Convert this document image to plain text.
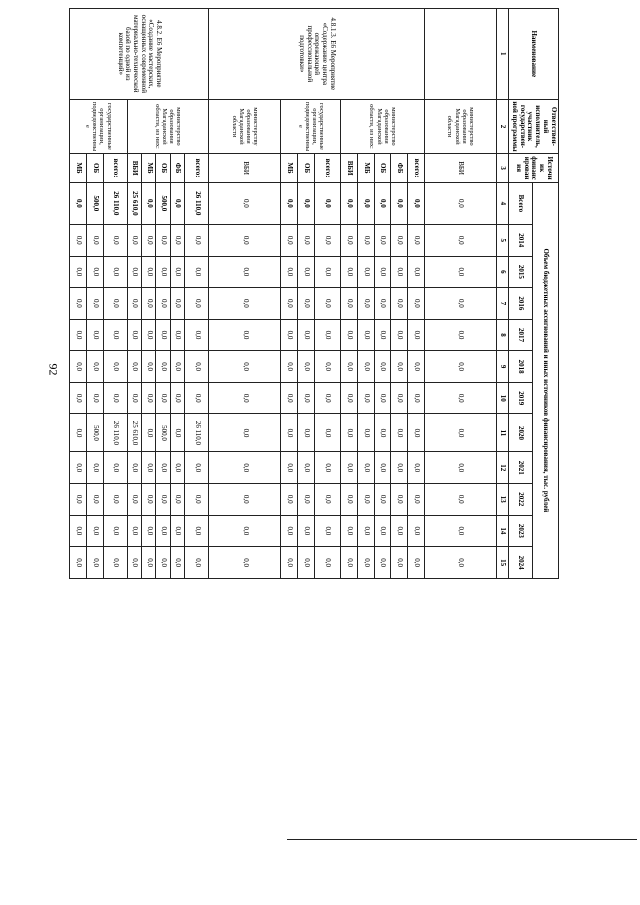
92
Наименование	Ответствен-ный исполнитель, участник государствен-ной программы	Источник финансирования	Объем бюджетных ассигнований и иных источников финансирования, тыс. рублей											
			Всего	2014	2015	2016	2017	2018	2019	2020	2021	2022	2023	2024
1	2	3	4	5	6	7	8	9	10	11	12	13	14	15
	министерство образования Магаданской области	ВБИ	0,0	0,0	0,0	0,0	0,0	0,0	0,0	0,0	0,0	0,0	0,0	0,0
4.8.1.3. Е6 Мероприятие «Содержание центра опережающей профессиональной подготовки»	министерство образования Магаданской области, из них:	всего:	0,0	0,0	0,0	0,0	0,0	0,0	0,0	0,0	0,0	0,0	0,0	0,0
		ФБ	0,0	0,0	0,0	0,0	0,0	0,0	0,0	0,0	0,0	0,0	0,0	0,0
		ОБ	0,0	0,0	0,0	0,0	0,0	0,0	0,0	0,0	0,0	0,0	0,0	0,0
		МБ	0,0	0,0	0,0	0,0	0,0	0,0	0,0	0,0	0,0	0,0	0,0	0,0
		ВБИ	0,0	0,0	0,0	0,0	0,0	0,0	0,0	0,0	0,0	0,0	0,0	0,0
	государственные организации, подведомственные	всего:	0,0	0,0	0,0	0,0	0,0	0,0	0,0	0,0	0,0	0,0	0,0	0,0
		ОБ	0,0	0,0	0,0	0,0	0,0	0,0	0,0	0,0	0,0	0,0	0,0	0,0
		МБ	0,0	0,0	0,0	0,0	0,0	0,0	0,0	0,0	0,0	0,0	0,0	0,0
	министерству образования Магаданской области	ВБИ	0,0	0,0	0,0	0,0	0,0	0,0	0,0	0,0	0,0	0,0	0,0	0,0
4.8.2. Е6 Мероприятие «Создание мастерских, оснащенных современной материально-технической базой по одной из компетенций»	министерство образования Магаданской области, из них:	всего:	26 110,0	0,0	0,0	0,0	0,0	0,0	0,0	26 110,0	0,0	0,0	0,0	0,0
		ФБ	0,0	0,0	0,0	0,0	0,0	0,0	0,0	0,0	0,0	0,0	0,0	0,0
		ОБ	500,0	0,0	0,0	0,0	0,0	0,0	0,0	500,0	0,0	0,0	0,0	0,0
		МБ	0,0	0,0	0,0	0,0	0,0	0,0	0,0	0,0	0,0	0,0	0,0	0,0
		ВБИ	25 610,0	0,0	0,0	0,0	0,0	0,0	0,0	25 610,0	0,0	0,0	0,0	0,0
	государственные организации, подведомственные	всего:	26 110,0	0,0	0,0	0,0	0,0	0,0	0,0	26 110,0	0,0	0,0	0,0	0,0
		ОБ	500,0	0,0	0,0	0,0	0,0	0,0	0,0	500,0	0,0	0,0	0,0	0,0
		МБ	0,0	0,0	0,0	0,0	0,0	0,0	0,0	0,0	0,0	0,0	0,0	0,0
